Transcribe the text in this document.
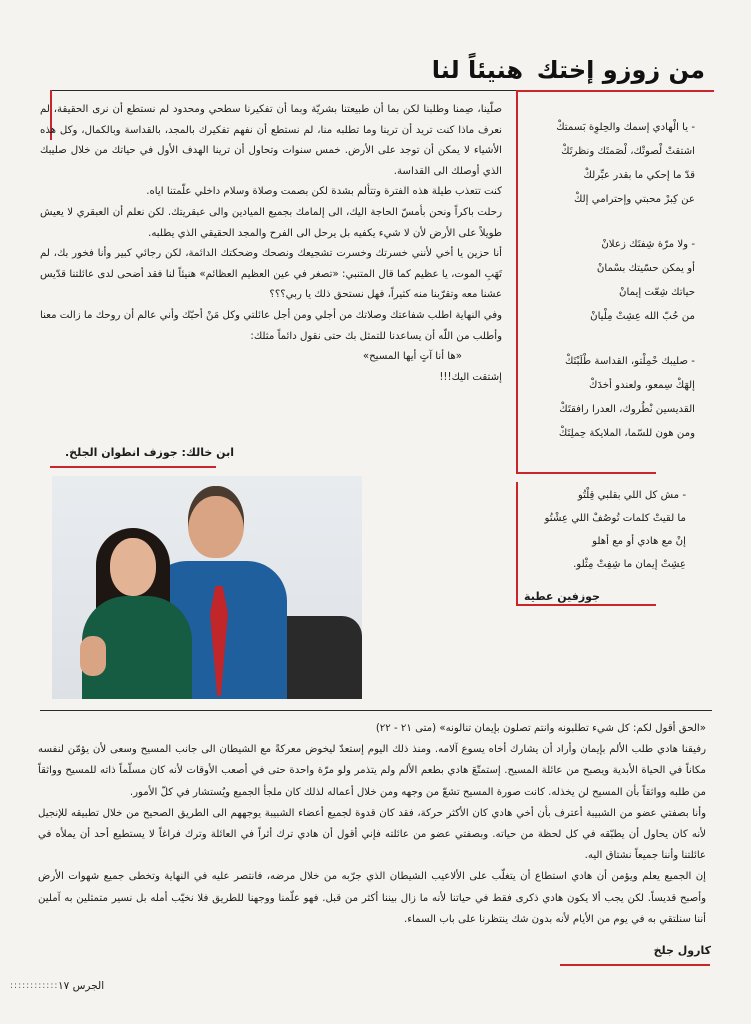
من زوزو إختك
هنيئاً لنا

صلّينا، صِمنا وطلبنا لكن بما أن طبيعتنا بشريّة وبما أن تفكيرنا سطحي ومحدود لم نستطع أن نرى الحقيقة، لم نعرف ماذا كنت تريد أن ترينا وما تطلبه منا، لم نستطع أن نفهم تفكيرك بالمجد، بالقداسة وبالكمال، وكل هذه الأشياء لا يمكن أن توجد على الأرض. خمس سنوات وتحاول أن ترينا الهدف الأول في حياتك من خلال صليبك الذي أوصلك الى القداسة.

كنت تتعذب طيلة هذه الفترة وتتألم بشدة لكن بصمت وصلاة وسلام داخلي علّمتنا اياه.

رحلت باكراً ونحن بأمسّ الحاجة اليك، الى إلمامك بجميع الميادين والى عبقريتك. لكن نعلم أن العبقري لا يعيش طويلاً على الأرض لأن لا شيء يكفيه بل يرحل الى الفرح والمجد الحقيقي الذي يطلبه.

أنا حزين يا أخي لأنني خسرتك وخسرت تشجيعك ونصحك وضحكتك الدائمة، لكن رجائي كبير وأنا فخور بك، لم تَهَبِ الموت، يا عظيم كما قال المتنبي: «تصغر في عين العظيم العظائم» هنيئاً لنا فقد أضحى لدى عائلتنا قدّيس عشنا معه وتقرّبنا منه كثيراً، فهل نستحق ذلك يا ربي؟؟؟

وفي النهاية اطلب شفاعتك وصلاتك من أجلي ومن أجل عائلتي وكل مَنْ أحبّك وأني عالم أن روحك ما زالت معنا وأطلب من اللّه أن يساعدنا للتمثل بك حتى نقول دائماً مثلك:

«ها أنا آتٍ أيها المسيح»

إشتقت اليك!!!

ابن خالك: جوزف انطوان الجلخ.
- يا الْهادي إسمك والحِلوِة بَسمتكْ
اشتقتْ لْصوتْك، لْصَمتَك ونظرتَكْ
قدّ ما إحكي ما بقدر عبِّرلكْ
عن كِبرْ محبتي وإحترامي إلكْ
- ولا مرّة شِفتَك زعلانْ
أو يمكن حسّيتك بسْمانْ
حياتك شِعّت إيمانْ
من حُبّ الله عِشِتْ مِلْيانْ
- صليبك حْمِلْتو، القداسة طْلَبْتَكْ
إلهَكْ سِمعو، ولعندو أخدَكْ
القديسين نْطُروك، العدرا رافقتَكْ
ومن هون للسّما، الملايكة حِملِتَكْ
- مش كل اللي بقلبي قِلْتُو
ما لقيتْ كلمات تُوصُفْ اللي عِشْتُو
إنْ مع هادي أو مع أهلو
عِشِتْ إيمان ما شِفِتْ مِثْلو.
جوزفين عطية

«الحق أقول لكم: كل شيء تطلبونه وانتم تصلون بإيمان تنالونه» (متى ٢١ - ٢٢)

رفيقنا هادي طلب الألم بإيمان وأراد أن يشارك أخاه يسوع آلامه. ومنذ ذلك اليوم إستعدّ ليخوض معركةً مع الشيطان الى جانب المسيح وسعى لأن يؤمّن لنفسه مكاناً في الحياة الأبدية ويصبح من عائلة المسيح. إستمتّعَ هادي بطعم الألم ولم يتذمر ولو مرّة واحدة حتى في أصعب الأوقات لأنه كان مسلّماً ذاته للمسيح وواثقاً من طلبه وواثقاً بأن المسيح لن يخذله. كانت صورة المسيح تشعّ من وجهه ومن خلال أعماله لذلك كان ملجأ الجميع ويُستشار في كلّ الأمور.

وأنا بصفتي عضو من الشبيبة أعترف بأن أخي هادي كان الأكثر حركة، فقد كان قدوة لجميع أعضاء الشبيبة يوجههم الى الطريق الصحيح من خلال تطبيقه للإنجيل لأنه كان يحاول أن يطبّقه في كل لحظة من حياته. وبصفتي عضو من عائلته فإني أقول أن هادي ترك أثراً في العائلة وترك فراغاً لا يستطيع أحد أن يملأه في عائلتنا وأننا جميعاً نشتاق اليه.

إن الجميع يعلم ويؤمن أن هادي استطاع أن يتغلّب على الألاعيب الشيطان الذي جرّبه من خلال مرضه، فانتصر عليه في النهاية وتخطى جميع شهوات الأرض وأصبح قديساً. لكن يجب ألا يكون هادي ذكرى فقط في حياتنا لأنه ما زال بيننا أكثر من قبل. فهو علّمنا ووجهنا للطريق فلا نخيّب أمله بل نسير متمثلين به آملين أننا سنلتقي به في يوم من الأيام لأنه بدون شك ينتظرنا على باب السماء.

كارول جلخ
الجرس ١٧
::::::::::::
